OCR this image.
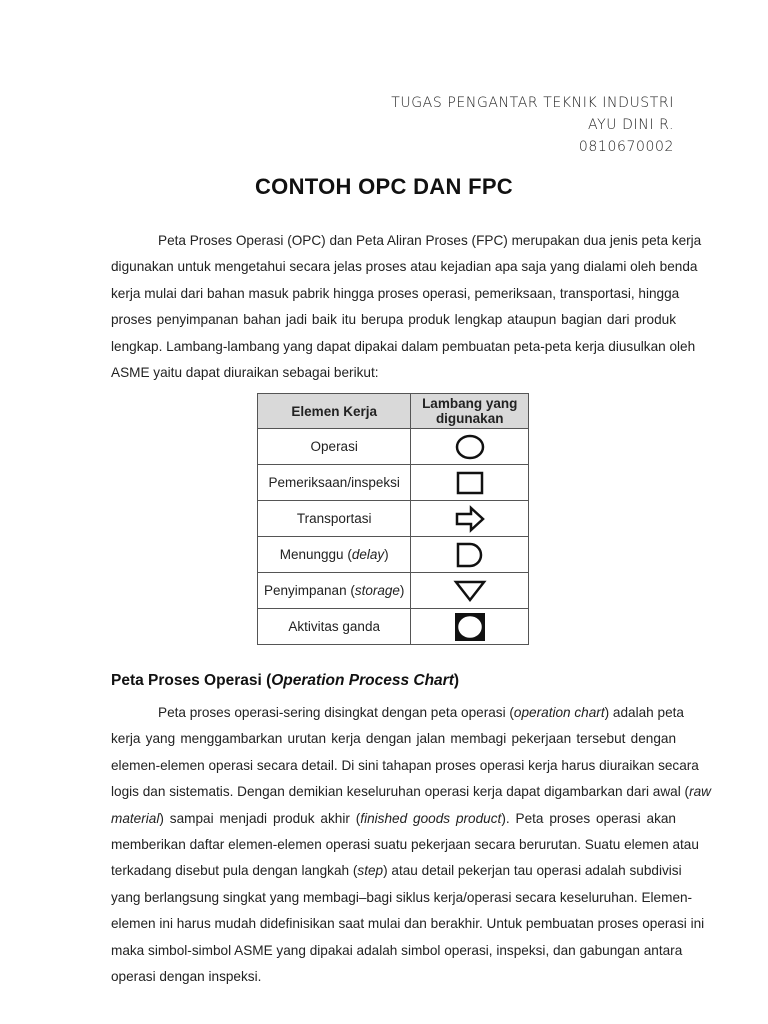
TUGAS PENGANTAR TEKNIK INDUSTRI
AYU DINI R.
0810670002
CONTOH OPC DAN FPC
Peta Proses Operasi (OPC) dan Peta Aliran Proses (FPC) merupakan dua jenis peta kerja
digunakan untuk mengetahui secara jelas proses atau kejadian apa saja yang dialami oleh benda
kerja mulai dari bahan masuk pabrik hingga proses operasi, pemeriksaan, transportasi, hingga
proses penyimpanan bahan jadi baik itu berupa produk lengkap ataupun bagian dari produk
lengkap. Lambang-lambang yang dapat dipakai dalam pembuatan peta-peta kerja diusulkan oleh
ASME yaitu dapat diuraikan sebagai berikut:
Elemen Kerja	Lambang yang
digunakan

Operasi	

Pemeriksaan/inspeksi	

Transportasi	

Menunggu (delay)	

Penyimpanan (storage)	

Aktivitas ganda	
Peta Proses Operasi (Operation Process Chart)
Peta proses operasi-sering disingkat dengan peta operasi (operation chart) adalah peta
kerja yang menggambarkan urutan kerja dengan jalan membagi pekerjaan tersebut dengan
elemen-elemen operasi secara detail. Di sini tahapan proses operasi kerja harus diuraikan secara
logis dan sistematis. Dengan demikian keseluruhan operasi kerja dapat digambarkan dari awal (raw
material) sampai menjadi produk akhir (finished goods product). Peta proses operasi akan
memberikan daftar elemen-elemen operasi suatu pekerjaan secara berurutan. Suatu elemen atau
terkadang disebut pula dengan langkah (step) atau detail pekerjan tau operasi adalah subdivisi
yang berlangsung singkat yang membagi–bagi siklus kerja/operasi secara keseluruhan. Elemen-
elemen ini harus mudah didefinisikan saat mulai dan berakhir. Untuk pembuatan proses operasi ini
maka simbol-simbol ASME yang dipakai adalah simbol operasi, inspeksi, dan gabungan antara
operasi dengan inspeksi.
